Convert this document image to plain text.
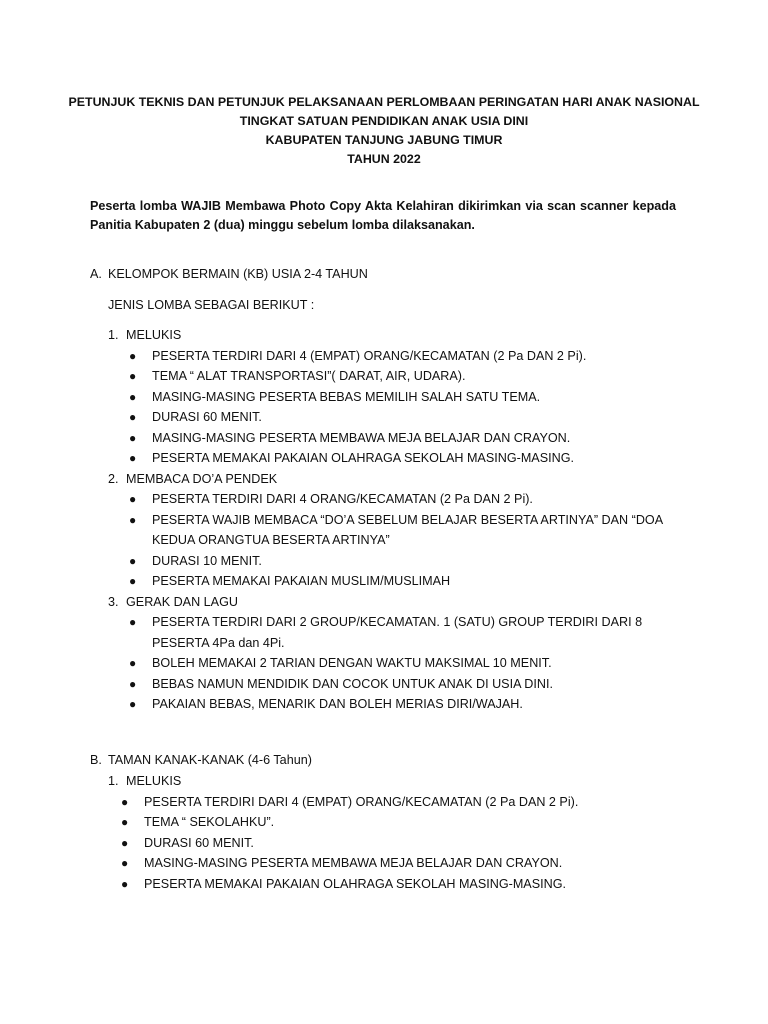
PETUNJUK TEKNIS DAN PETUNJUK PELAKSANAAN PERLOMBAAN PERINGATAN HARI ANAK NASIONAL
TINGKAT SATUAN PENDIDIKAN ANAK USIA DINI
KABUPATEN TANJUNG JABUNG TIMUR
TAHUN 2022
Peserta lomba WAJIB Membawa Photo Copy Akta Kelahiran dikirimkan via scan scanner kepada
Panitia Kabupaten 2 (dua) minggu sebelum lomba dilaksanakan.
A. KELOMPOK BERMAIN (KB) USIA 2-4 TAHUN
JENIS LOMBA SEBAGAI BERIKUT :
1. MELUKIS
● PESERTA TERDIRI DARI 4 (EMPAT) ORANG/KECAMATAN (2 Pa DAN 2 Pi).
● TEMA “ ALAT TRANSPORTASI”( DARAT, AIR, UDARA).
● MASING-MASING PESERTA BEBAS MEMILIH SALAH SATU TEMA.
● DURASI 60 MENIT.
● MASING-MASING PESERTA MEMBAWA MEJA BELAJAR DAN CRAYON.
● PESERTA MEMAKAI PAKAIAN OLAHRAGA SEKOLAH MASING-MASING.
2. MEMBACA DO’A PENDEK
● PESERTA TERDIRI DARI 4 ORANG/KECAMATAN (2 Pa DAN 2 Pi).
● PESERTA WAJIB MEMBACA “DO’A SEBELUM BELAJAR BESERTA ARTINYA” DAN “DOA KEDUA ORANGTUA BESERTA ARTINYA”
● DURASI 10 MENIT.
● PESERTA MEMAKAI PAKAIAN MUSLIM/MUSLIMAH
3. GERAK DAN LAGU
● PESERTA TERDIRI DARI 2 GROUP/KECAMATAN. 1 (SATU) GROUP TERDIRI DARI 8 PESERTA 4Pa dan 4Pi.
● BOLEH MEMAKAI 2 TARIAN DENGAN WAKTU MAKSIMAL 10 MENIT.
● BEBAS NAMUN MENDIDIK DAN COCOK UNTUK ANAK DI USIA DINI.
● PAKAIAN BEBAS, MENARIK DAN BOLEH MERIAS DIRI/WAJAH.
B. TAMAN KANAK-KANAK (4-6 Tahun)
1. MELUKIS
● PESERTA TERDIRI DARI 4 (EMPAT) ORANG/KECAMATAN (2 Pa DAN 2 Pi).
● TEMA “ SEKOLAHKU”.
● DURASI 60 MENIT.
● MASING-MASING PESERTA MEMBAWA MEJA BELAJAR DAN CRAYON.
● PESERTA MEMAKAI PAKAIAN OLAHRAGA SEKOLAH MASING-MASING.
